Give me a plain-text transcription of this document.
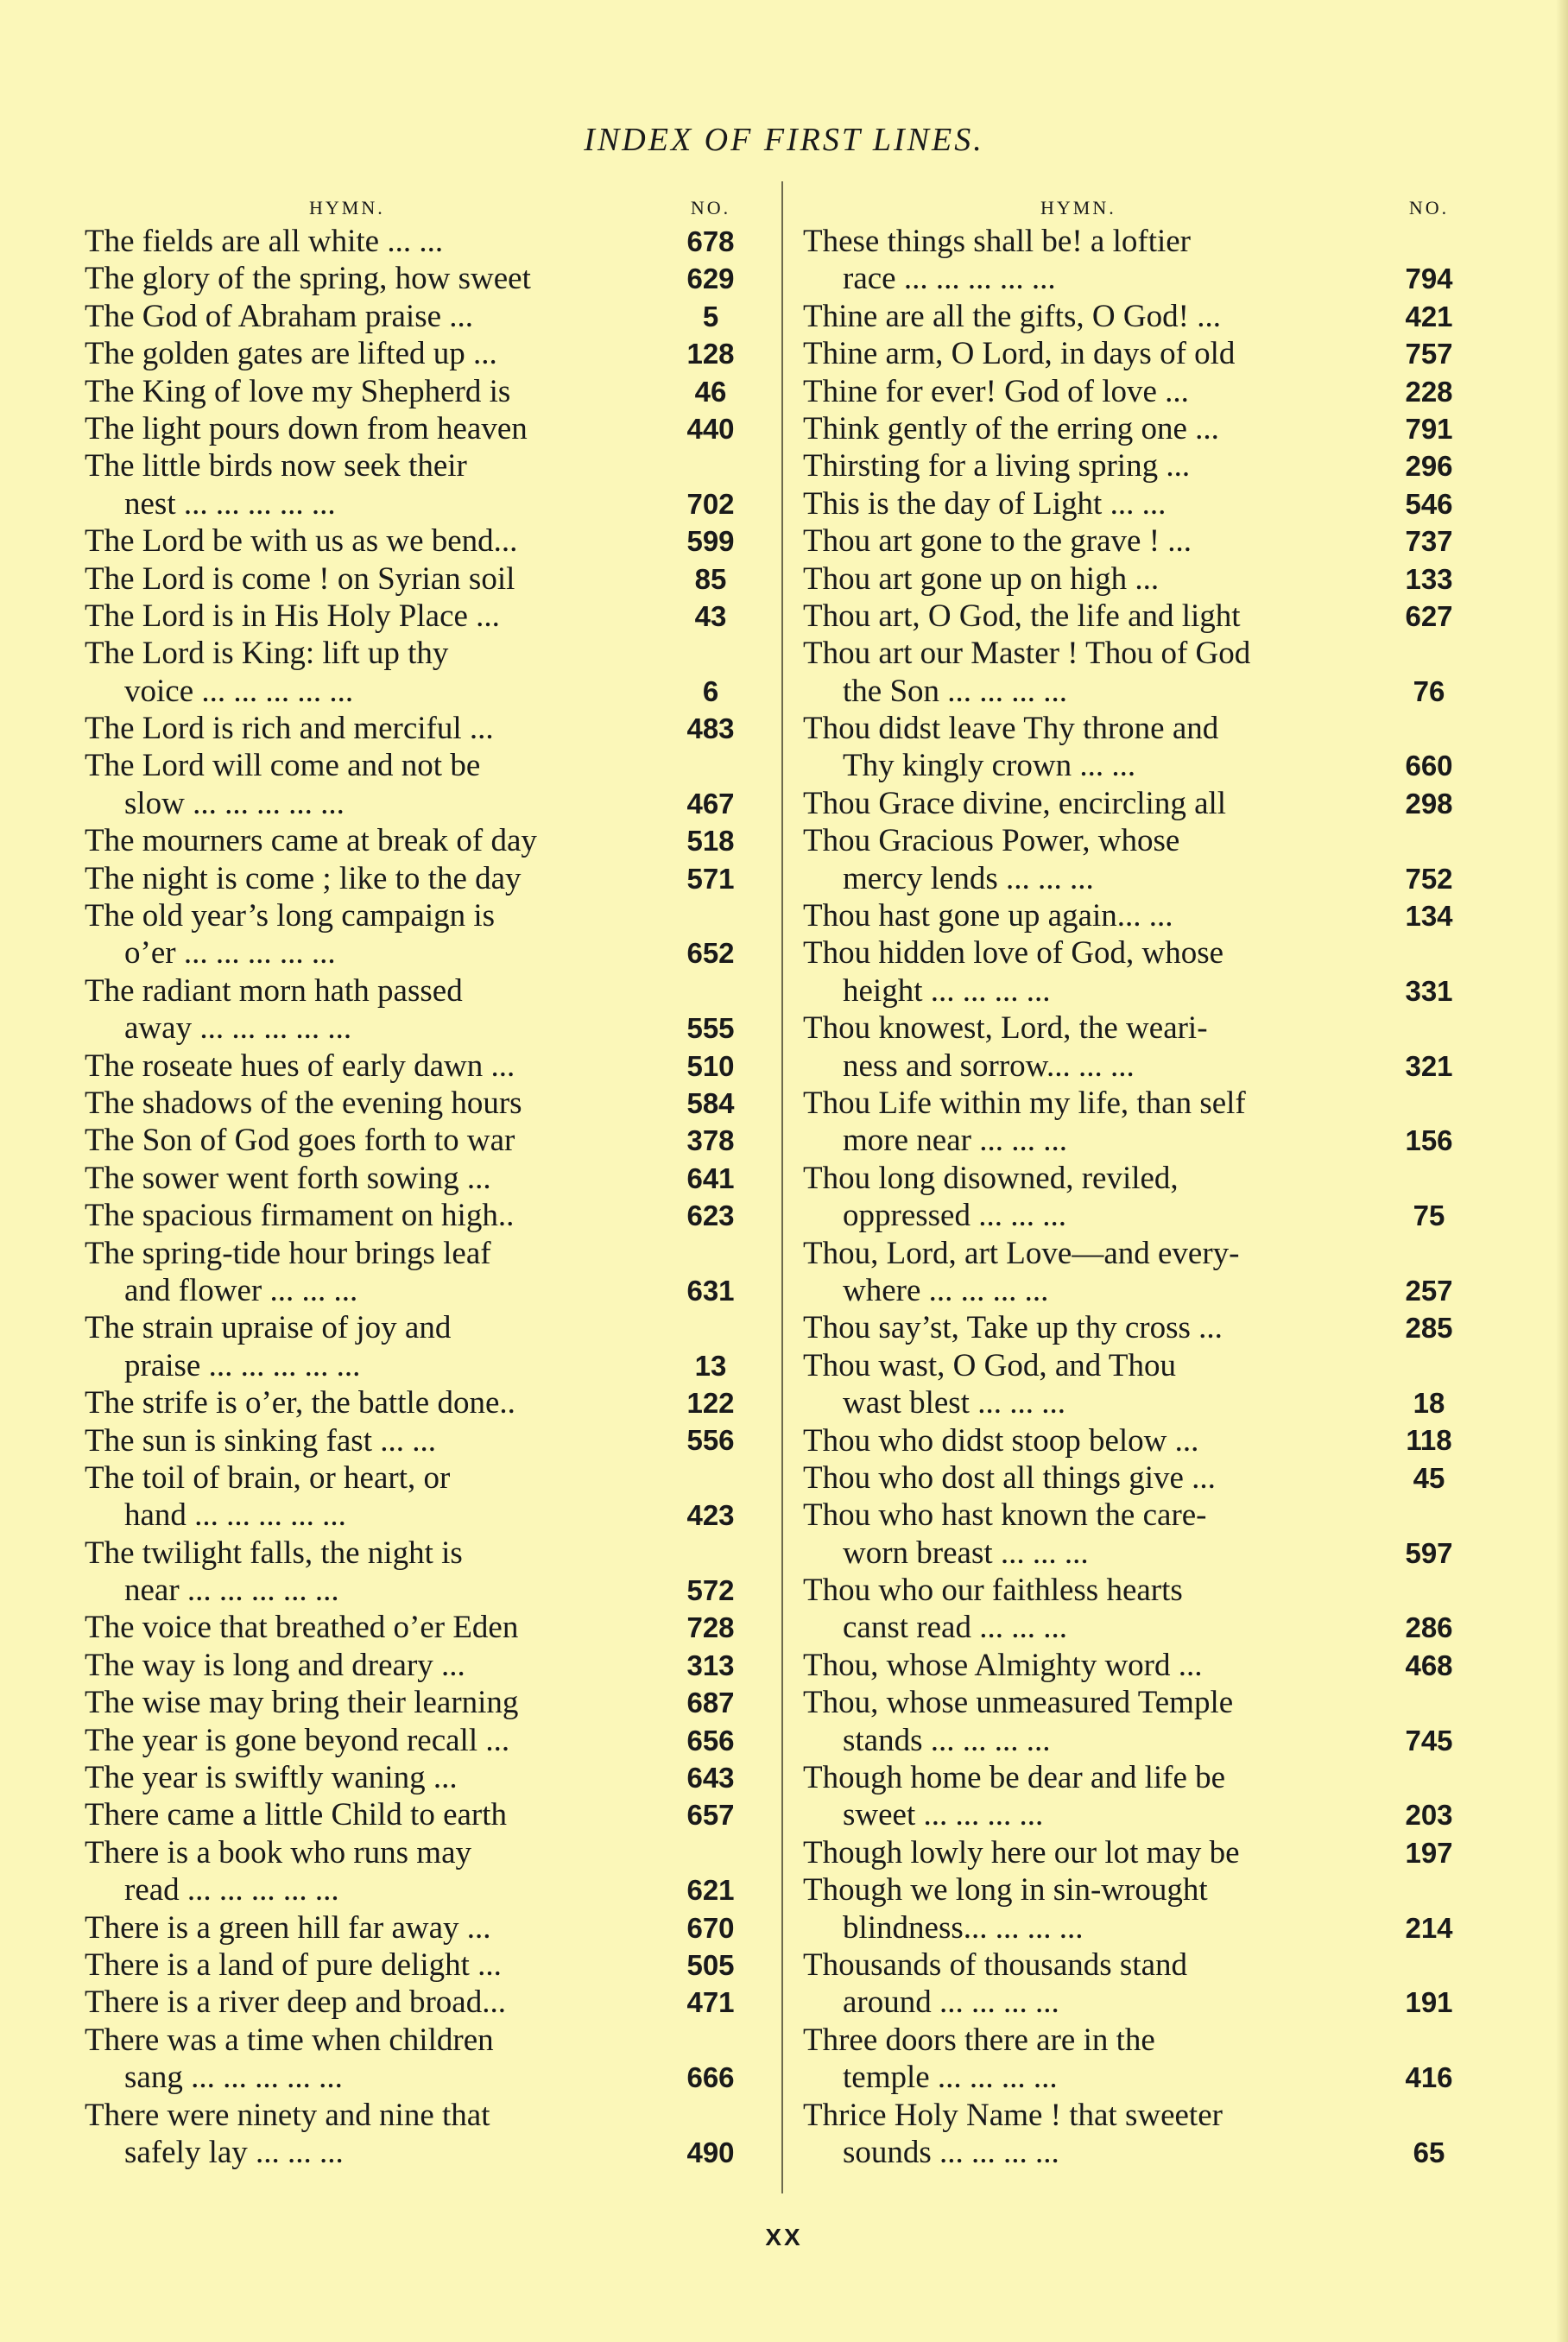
INDEX OF FIRST LINES.
HYMN.	NO.
The fields are all white ... ...	678
The glory of the spring, how sweet	629
The God of Abraham praise ...	5
The golden gates are lifted up ...	128
The King of love my Shepherd is	46
The light pours down from heaven	440
The little birds now seek their
nest ... ... ... ... ...	702
The Lord be with us as we bend...	599
The Lord is come ! on Syrian soil	85
The Lord is in His Holy Place ...	43
The Lord is King: lift up thy
voice ... ... ... ... ...	6
The Lord is rich and merciful ...	483
The Lord will come and not be
slow ... ... ... ... ...	467
The mourners came at break of day	518
The night is come ; like to the day	571
The old year’s long campaign is
o’er ... ... ... ... ...	652
The radiant morn hath passed
away ... ... ... ... ...	555
The roseate hues of early dawn ...	510
The shadows of the evening hours	584
The Son of God goes forth to war	378
The sower went forth sowing ...	641
The spacious firmament on high..	623
The spring-tide hour brings leaf
and flower ... ... ...	631
The strain upraise of joy and
praise ... ... ... ... ...	13
The strife is o’er, the battle done..	122
The sun is sinking fast ... ...	556
The toil of brain, or heart, or
hand ... ... ... ... ...	423
The twilight falls, the night is
near ... ... ... ... ...	572
The voice that breathed o’er Eden	728
The way is long and dreary ...	313
The wise may bring their learning	687
The year is gone beyond recall ...	656
The year is swiftly waning ...	643
There came a little Child to earth	657
There is a book who runs may
read ... ... ... ... ...	621
There is a green hill far away ...	670
There is a land of pure delight ...	505
There is a river deep and broad...	471
There was a time when children
sang ... ... ... ... ...	666
There were ninety and nine that
safely lay ... ... ...	490
HYMN.	NO.
These things shall be! a loftier
race ... ... ... ... ...	794
Thine are all the gifts, O God! ...	421
Thine arm, O Lord, in days of old	757
Thine for ever! God of love ...	228
Think gently of the erring one ...	791
Thirsting for a living spring ...	296
This is the day of Light ... ...	546
Thou art gone to the grave ! ...	737
Thou art gone up on high ...	133
Thou art, O God, the life and light	627
Thou art our Master ! Thou of God
the Son ... ... ... ...	76
Thou didst leave Thy throne and
Thy kingly crown ... ...	660
Thou Grace divine, encircling all	298
Thou Gracious Power, whose
mercy lends ... ... ...	752
Thou hast gone up again... ...	134
Thou hidden love of God, whose
height ... ... ... ...	331
Thou knowest, Lord, the weari-
ness and sorrow... ... ...	321
Thou Life within my life, than self
more near ... ... ...	156
Thou long disowned, reviled,
oppressed ... ... ...	75
Thou, Lord, art Love—and every-
where ... ... ... ...	257
Thou say’st, Take up thy cross ...	285
Thou wast, O God, and Thou
wast blest ... ... ...	18
Thou who didst stoop below ...	118
Thou who dost all things give ...	45
Thou who hast known the care-
worn breast ... ... ...	597
Thou who our faithless hearts
canst read ... ... ...	286
Thou, whose Almighty word ...	468
Thou, whose unmeasured Temple
stands ... ... ... ...	745
Though home be dear and life be
sweet ... ... ... ...	203
Though lowly here our lot may be	197
Though we long in sin-wrought
blindness... ... ... ...	214
Thousands of thousands stand
around ... ... ... ...	191
Three doors there are in the
temple ... ... ... ...	416
Thrice Holy Name ! that sweeter
sounds ... ... ... ...	65
XX
